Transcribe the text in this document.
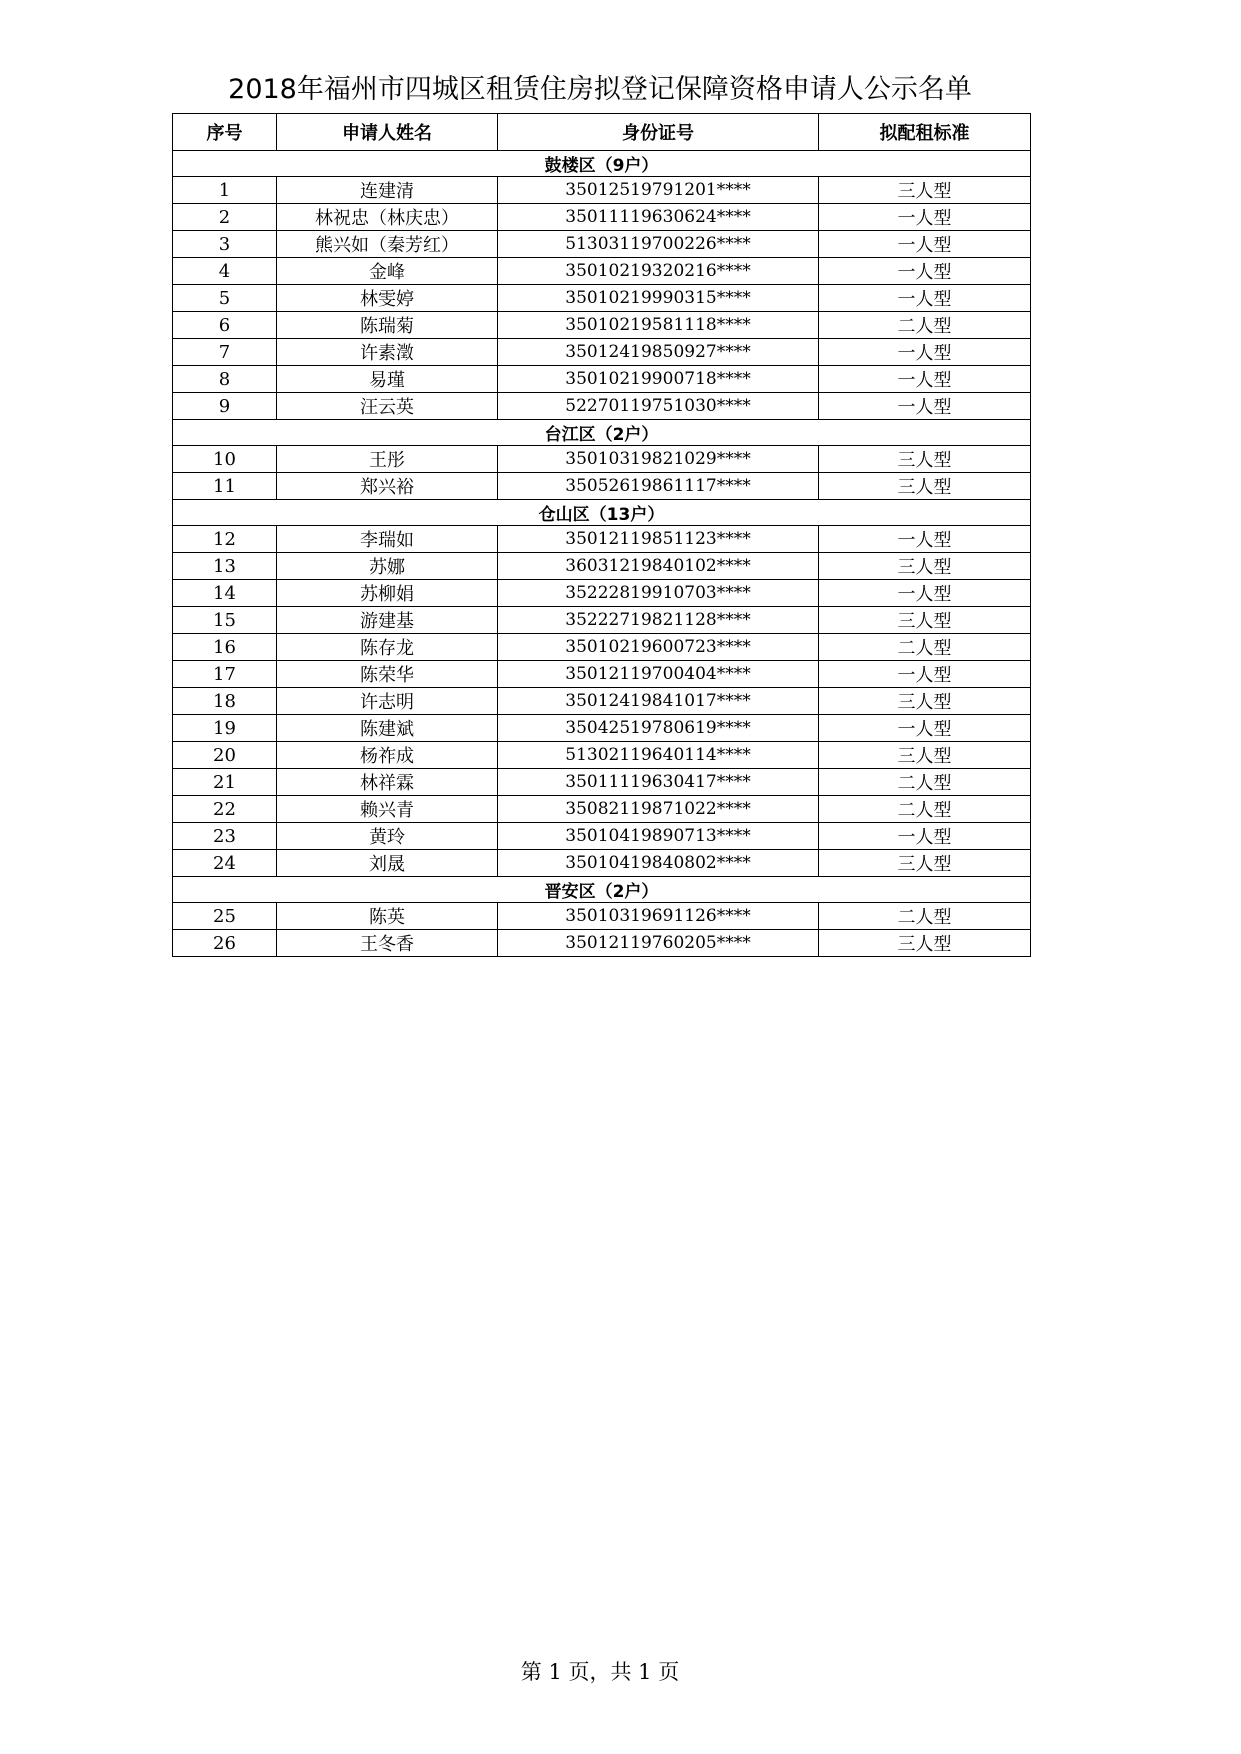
2018年福州市四城区租赁住房拟登记保障资格申请人公示名单
序号	申请人姓名	身份证号	拟配租标准
鼓楼区（9户）			
1	连建清	35012519791201****	三人型
2	林祝忠（林庆忠）	35011119630624****	一人型
3	熊兴如（秦芳红）	51303119700226****	一人型
4	金峰	35010219320216****	一人型
5	林雯婷	35010219990315****	一人型
6	陈瑞菊	35010219581118****	二人型
7	许素澂	35012419850927****	一人型
8	易瑾	35010219900718****	一人型
9	汪云英	52270119751030****	一人型
台江区（2户）			
10	王彤	35010319821029****	三人型
11	郑兴裕	35052619861117****	三人型
仓山区（13户）			
12	李瑞如	35012119851123****	一人型
13	苏娜	36031219840102****	三人型
14	苏柳娟	35222819910703****	一人型
15	游建基	35222719821128****	三人型
16	陈存龙	35010219600723****	二人型
17	陈荣华	35012119700404****	一人型
18	许志明	35012419841017****	三人型
19	陈建斌	35042519780619****	一人型
20	杨祚成	51302119640114****	三人型
21	林祥霖	35011119630417****	二人型
22	赖兴青	35082119871022****	二人型
23	黄玲	35010419890713****	一人型
24	刘晟	35010419840802****	三人型
晋安区（2户）			
25	陈英	35010319691126****	二人型
26	王冬香	35012119760205****	三人型
第 1 页，共 1 页
